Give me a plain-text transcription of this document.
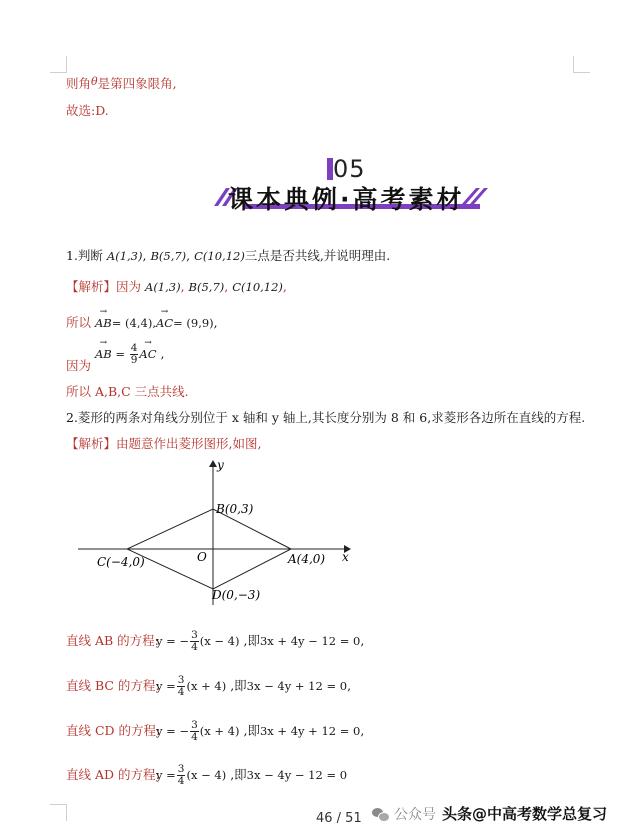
则角θ是第四象限角,
故选:D.
05
课本典例·高考素材
1.判断 A(1,3), B(5,7), C(10,12)三点是否共线,并说明理由.
【解析】因为 A(1,3), B(5,7), C(10,12),
所以 → AB= (4,4),→ AC= (9,9),
因为 → AB = $\frac{4}{9}$ → AC ,
所以 A,B,C 三点共线.
2.菱形的两条对角线分别位于 x 轴和 y 轴上,其长度分别为 8 和 6,求菱形各边所在直线的方程.
【解析】由题意作出菱形图形,如图,
x
y
O	A(4,0)
B(0,3)
C(−4,0)
D(0,−3)
直线 AB 的方程: y = − $\frac{3}{4} (x - 4)$ ,即3x + 4y − 12 = 0,
直线 BC 的方程: $y = \frac{3}{4} (x + 4)$ ,即3x − 4y + 12 = 0,
直线 CD 的方程: y = − $\frac{3}{4} (x + 4)$ ,即3x + 4y + 12 = 0,
直线 AD 的方程: $y = \frac{3}{4} (x - 4)$ ,即3x − 4y − 12 = 0
46 / 51 公众号 头条@中高考数学总复习
